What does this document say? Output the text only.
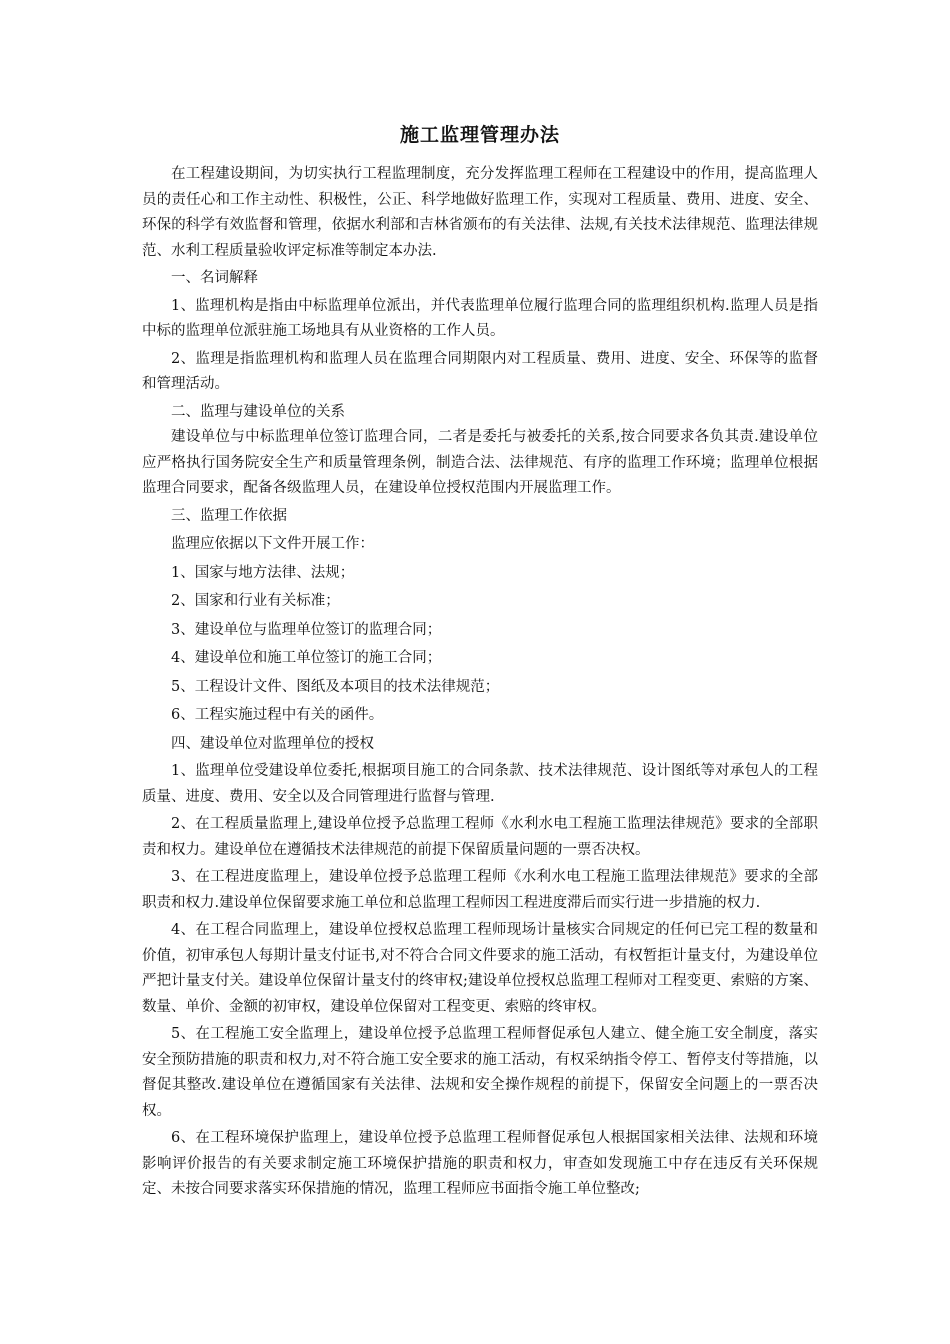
施工监理管理办法

在工程建设期间，为切实执行工程监理制度，充分发挥监理工程师在工程建设中的作用，提高监理人员的责任心和工作主动性、积极性，公正、科学地做好监理工作，实现对工程质量、费用、进度、安全、环保的科学有效监督和管理，依据水利部和吉林省颁布的有关法律、法规,有关技术法律规范、监理法律规范、水利工程质量验收评定标准等制定本办法.

一、名词解释

1、监理机构是指由中标监理单位派出，并代表监理单位履行监理合同的监理组织机构.监理人员是指中标的监理单位派驻施工场地具有从业资格的工作人员。

2、监理是指监理机构和监理人员在监理合同期限内对工程质量、费用、进度、安全、环保等的监督和管理活动。

二、监理与建设单位的关系

建设单位与中标监理单位签订监理合同，二者是委托与被委托的关系,按合同要求各负其责.建设单位应严格执行国务院安全生产和质量管理条例，制造合法、法律规范、有序的监理工作环境；监理单位根据监理合同要求，配备各级监理人员，在建设单位授权范围内开展监理工作。

三、监理工作依据

监理应依据以下文件开展工作：

1、国家与地方法律、法规；

2、国家和行业有关标准；

3、建设单位与监理单位签订的监理合同；

4、建设单位和施工单位签订的施工合同；

5、工程设计文件、图纸及本项目的技术法律规范；

6、工程实施过程中有关的函件。

四、建设单位对监理单位的授权

1、监理单位受建设单位委托,根据项目施工的合同条款、技术法律规范、设计图纸等对承包人的工程质量、进度、费用、安全以及合同管理进行监督与管理.

2、在工程质量监理上,建设单位授予总监理工程师《水利水电工程施工监理法律规范》要求的全部职责和权力。建设单位在遵循技术法律规范的前提下保留质量问题的一票否决权。

3、在工程进度监理上，建设单位授予总监理工程师《水利水电工程施工监理法律规范》要求的全部职责和权力.建设单位保留要求施工单位和总监理工程师因工程进度滞后而实行进一步措施的权力.

4、在工程合同监理上，建设单位授权总监理工程师现场计量核实合同规定的任何已完工程的数量和价值，初审承包人每期计量支付证书,对不符合合同文件要求的施工活动，有权暂拒计量支付，为建设单位严把计量支付关。建设单位保留计量支付的终审权;建设单位授权总监理工程师对工程变更、索赔的方案、数量、单价、金额的初审权，建设单位保留对工程变更、索赔的终审权。

5、在工程施工安全监理上，建设单位授予总监理工程师督促承包人建立、健全施工安全制度，落实安全预防措施的职责和权力,对不符合施工安全要求的施工活动，有权采纳指令停工、暂停支付等措施，以督促其整改.建设单位在遵循国家有关法律、法规和安全操作规程的前提下，保留安全问题上的一票否决权。

6、在工程环境保护监理上，建设单位授予总监理工程师督促承包人根据国家相关法律、法规和环境影响评价报告的有关要求制定施工环境保护措施的职责和权力，审查如发现施工中存在违反有关环保规定、未按合同要求落实环保措施的情况，监理工程师应书面指令施工单位整改;
